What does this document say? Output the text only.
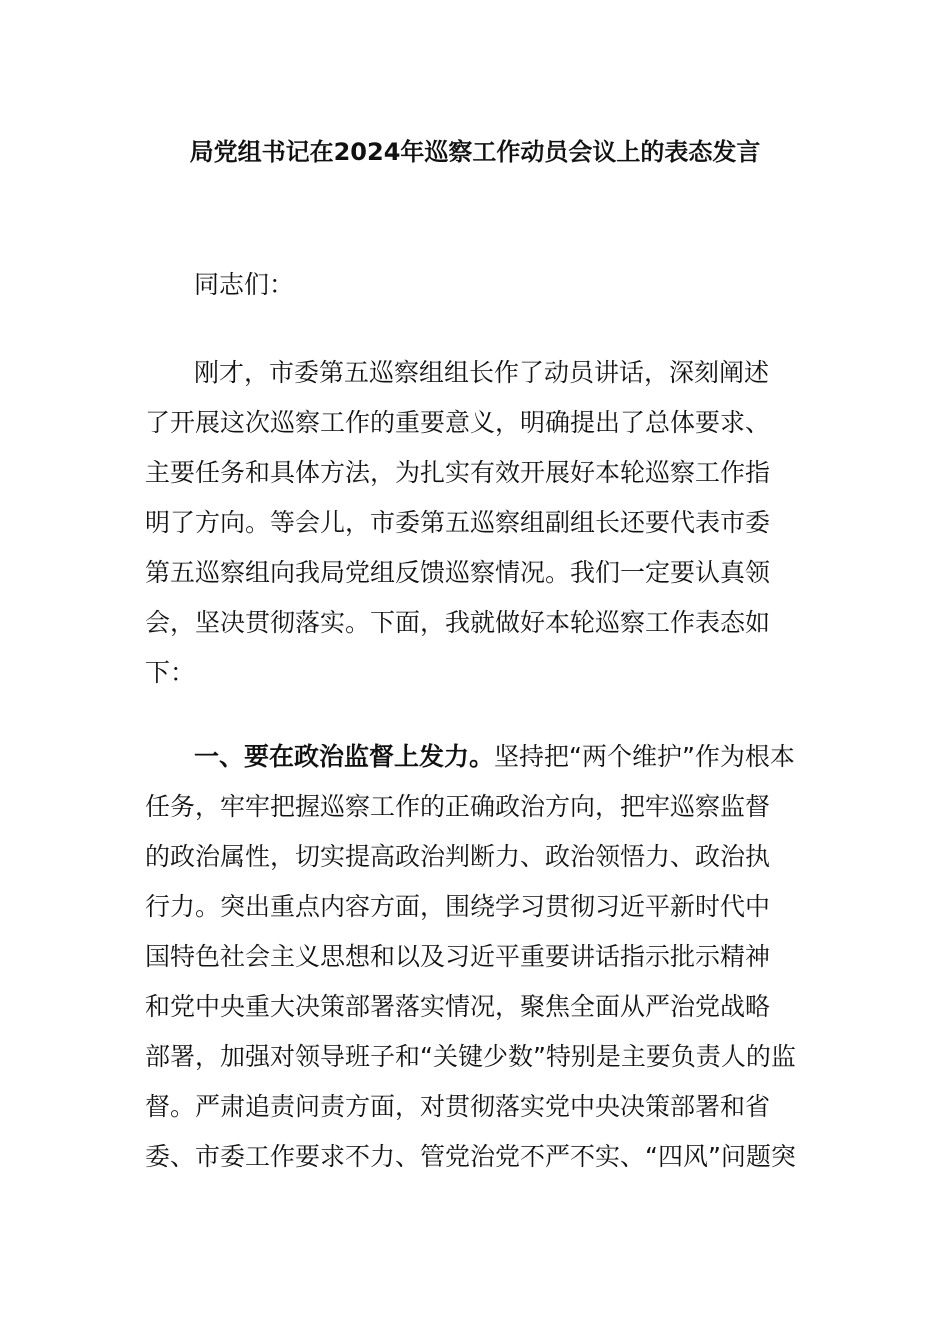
局党组书记在2024年巡察工作动员会议上的表态发言

同志们：

刚才，市委第五巡察组组长作了动员讲话，深刻阐述

了开展这次巡察工作的重要意义，明确提出了总体要求、

主要任务和具体方法，为扎实有效开展好本轮巡察工作指

明了方向。等会儿，市委第五巡察组副组长还要代表市委

第五巡察组向我局党组反馈巡察情况。我们一定要认真领

会，坚决贯彻落实。下面，我就做好本轮巡察工作表态如

下：

一、要在政治监督上发力。坚持把“两个维护”作为根本

任务，牢牢把握巡察工作的正确政治方向，把牢巡察监督

的政治属性，切实提高政治判断力、政治领悟力、政治执

行力。突出重点内容方面，围绕学习贯彻习近平新时代中

国特色社会主义思想和以及习近平重要讲话指示批示精神

和党中央重大决策部署落实情况，聚焦全面从严治党战略

部署，加强对领导班子和“关键少数”特别是主要负责人的监

督。严肃追责问责方面，对贯彻落实党中央决策部署和省

委、市委工作要求不力、管党治党不严不实、“四风”问题突
